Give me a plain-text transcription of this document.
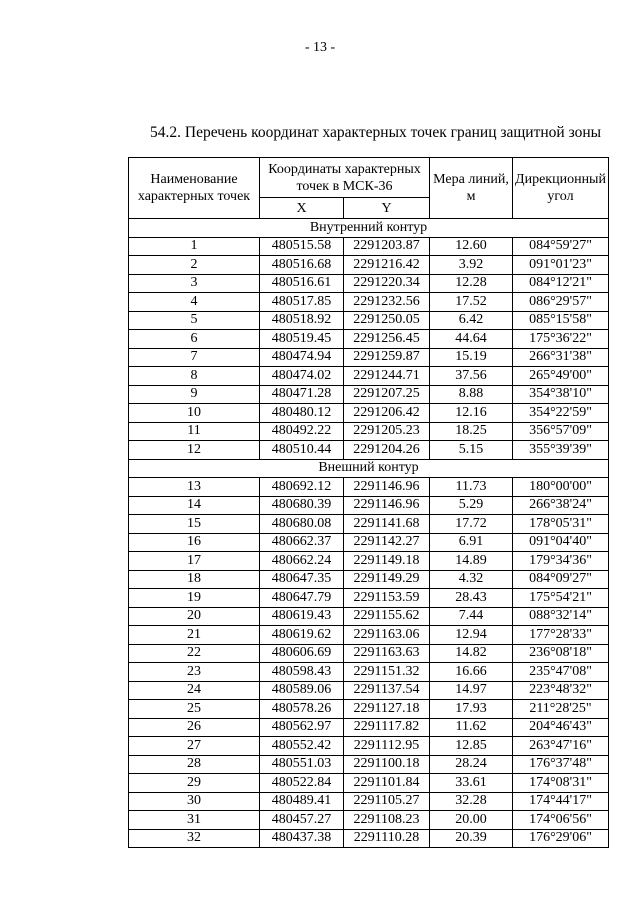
- 13 -
54.2. Перечень координат характерных точек границ защитной зоны
Наименование характерных точек	Координаты характерных точек в МСК-36		Мера линий, м	Дирекционный угол
	X	Y		
Внутренний контур				
1	480515.58	2291203.87	12.60	084°59'27"
2	480516.68	2291216.42	3.92	091°01'23"
3	480516.61	2291220.34	12.28	084°12'21"
4	480517.85	2291232.56	17.52	086°29'57"
5	480518.92	2291250.05	6.42	085°15'58"
6	480519.45	2291256.45	44.64	175°36'22"
7	480474.94	2291259.87	15.19	266°31'38"
8	480474.02	2291244.71	37.56	265°49'00"
9	480471.28	2291207.25	8.88	354°38'10"
10	480480.12	2291206.42	12.16	354°22'59"
11	480492.22	2291205.23	18.25	356°57'09"
12	480510.44	2291204.26	5.15	355°39'39"
Внешний контур				
13	480692.12	2291146.96	11.73	180°00'00"
14	480680.39	2291146.96	5.29	266°38'24"
15	480680.08	2291141.68	17.72	178°05'31"
16	480662.37	2291142.27	6.91	091°04'40"
17	480662.24	2291149.18	14.89	179°34'36"
18	480647.35	2291149.29	4.32	084°09'27"
19	480647.79	2291153.59	28.43	175°54'21"
20	480619.43	2291155.62	7.44	088°32'14"
21	480619.62	2291163.06	12.94	177°28'33"
22	480606.69	2291163.63	14.82	236°08'18"
23	480598.43	2291151.32	16.66	235°47'08"
24	480589.06	2291137.54	14.97	223°48'32"
25	480578.26	2291127.18	17.93	211°28'25"
26	480562.97	2291117.82	11.62	204°46'43"
27	480552.42	2291112.95	12.85	263°47'16"
28	480551.03	2291100.18	28.24	176°37'48"
29	480522.84	2291101.84	33.61	174°08'31"
30	480489.41	2291105.27	32.28	174°44'17"
31	480457.27	2291108.23	20.00	174°06'56"
32	480437.38	2291110.28	20.39	176°29'06"
